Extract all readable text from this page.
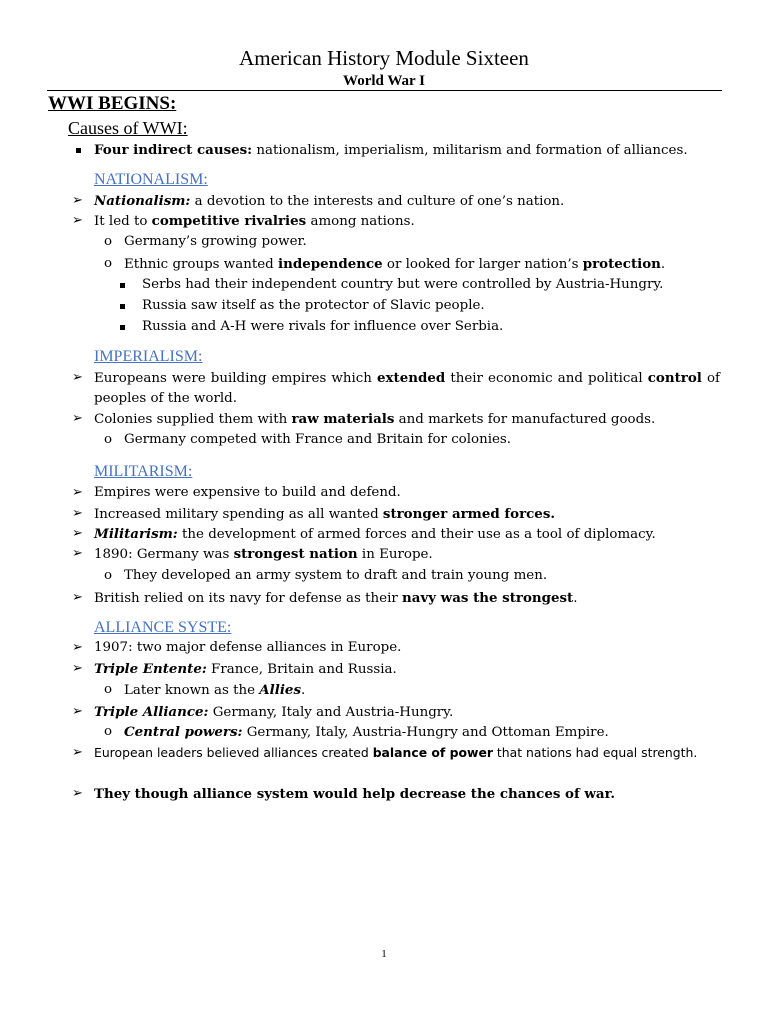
American History Module Sixteen
World War I
WWI BEGINS:
Causes of WWI:
Four indirect causes: nationalism, imperialism, militarism and formation of alliances.
NATIONALISM:
➢ Nationalism: a devotion to the interests and culture of one’s nation.
➢ It led to competitive rivalries among nations.
o Germany’s growing power.
o Ethnic groups wanted independence or looked for larger nation’s protection.
Serbs had their independent country but were controlled by Austria-Hungry.
Russia saw itself as the protector of Slavic people.
Russia and A-H were rivals for influence over Serbia.
IMPERIALISM:
➢ Europeans were building empires which extended their economic and political control of peoples of the world.
➢ Colonies supplied them with raw materials and markets for manufactured goods.
o Germany competed with France and Britain for colonies.
MILITARISM:
➢ Empires were expensive to build and defend.
➢ Increased military spending as all wanted stronger armed forces.
➢ Militarism: the development of armed forces and their use as a tool of diplomacy.
➢ 1890: Germany was strongest nation in Europe.
o They developed an army system to draft and train young men.
➢ British relied on its navy for defense as their navy was the strongest.
ALLIANCE SYSTE:
➢ 1907: two major defense alliances in Europe.
➢ Triple Entente: France, Britain and Russia.
o Later known as the Allies.
➢ Triple Alliance: Germany, Italy and Austria-Hungry.
o Central powers: Germany, Italy, Austria-Hungry and Ottoman Empire.
➢ European leaders believed alliances created balance of power that nations had equal strength.
➢ They though alliance system would help decrease the chances of war.
1
